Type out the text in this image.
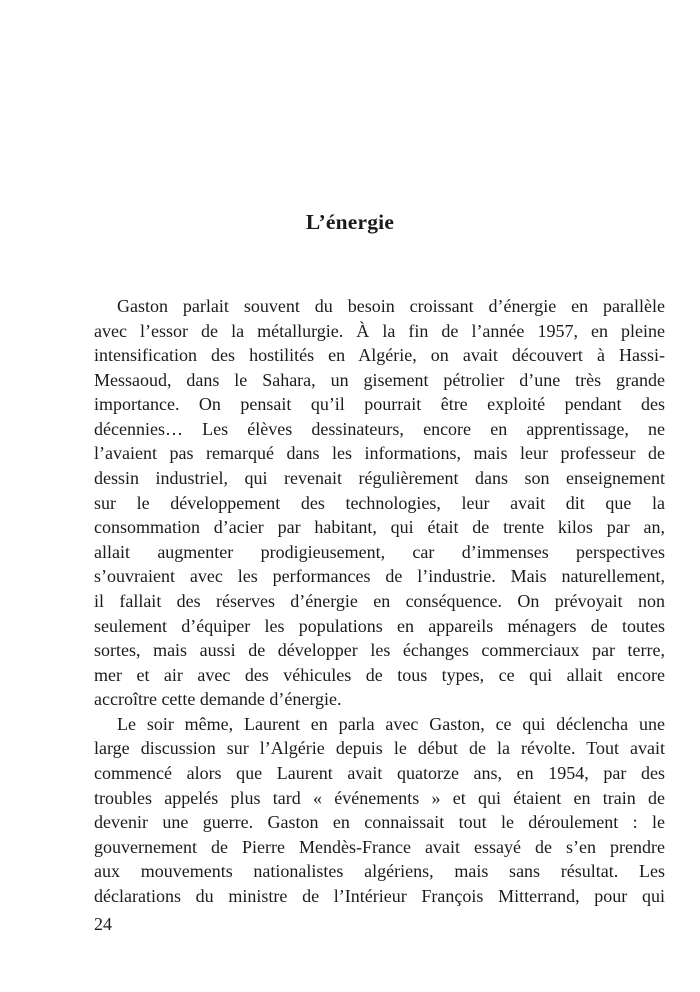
L’énergie
Gaston parlait souvent du besoin croissant d’énergie en parallèle
avec l’essor de la métallurgie. À la fin de l’année 1957, en pleine
intensification des hostilités en Algérie, on avait découvert à Hassi-
Messaoud, dans le Sahara, un gisement pétrolier d’une très grande
importance. On pensait qu’il pourrait être exploité pendant des
décennies… Les élèves dessinateurs, encore en apprentissage, ne
l’avaient pas remarqué dans les informations, mais leur professeur de
dessin industriel, qui revenait régulièrement dans son enseignement
sur le développement des technologies, leur avait dit que la
consommation d’acier par habitant, qui était de trente kilos par an,
allait augmenter prodigieusement, car d’immenses perspectives
s’ouvraient avec les performances de l’industrie. Mais naturellement,
il fallait des réserves d’énergie en conséquence. On prévoyait non
seulement d’équiper les populations en appareils ménagers de toutes
sortes, mais aussi de développer les échanges commerciaux par terre,
mer et air avec des véhicules de tous types, ce qui allait encore
accroître cette demande d’énergie.
Le soir même, Laurent en parla avec Gaston, ce qui déclencha une
large discussion sur l’Algérie depuis le début de la révolte. Tout avait
commencé alors que Laurent avait quatorze ans, en 1954, par des
troubles appelés plus tard « événements » et qui étaient en train de
devenir une guerre. Gaston en connaissait tout le déroulement : le
gouvernement de Pierre Mendès-France avait essayé de s’en prendre
aux mouvements nationalistes algériens, mais sans résultat. Les
déclarations du ministre de l’Intérieur François Mitterrand, pour qui
24
